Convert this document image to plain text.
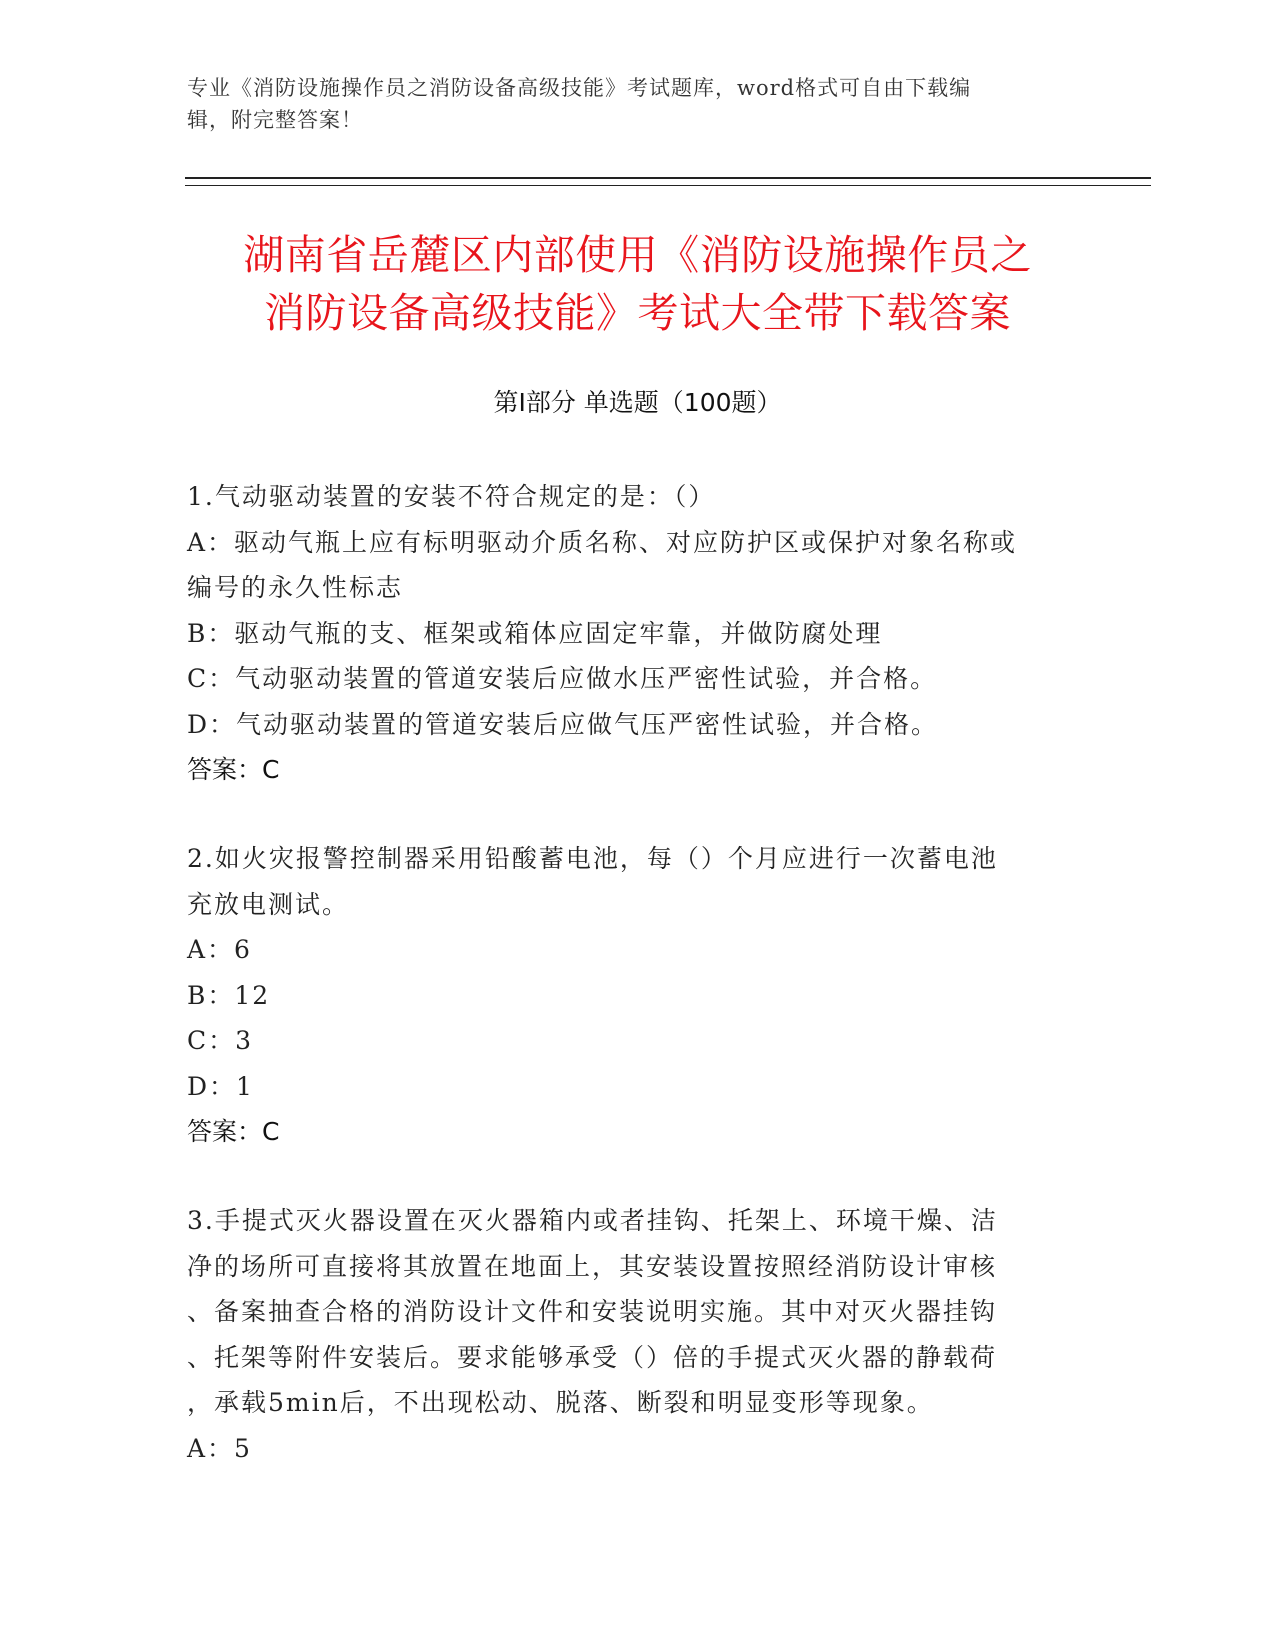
专业《消防设施操作员之消防设备高级技能》考试题库，word格式可自由下载编
辑，附完整答案！
湖南省岳麓区内部使用《消防设施操作员之
消防设备高级技能》考试大全带下载答案
第Ⅰ部分 单选题（100题）
1.气动驱动装置的安装不符合规定的是：（）
A：驱动气瓶上应有标明驱动介质名称、对应防护区或保护对象名称或
编号的永久性标志
B：驱动气瓶的支、框架或箱体应固定牢靠，并做防腐处理
C：气动驱动装置的管道安装后应做水压严密性试验，并合格。
D：气动驱动装置的管道安装后应做气压严密性试验，并合格。
答案：C
2.如火灾报警控制器采用铅酸蓄电池，每（）个月应进行一次蓄电池
充放电测试。
A：6
B：12
C：3
D：1
答案：C
3.手提式灭火器设置在灭火器箱内或者挂钩、托架上、环境干燥、洁
净的场所可直接将其放置在地面上，其安装设置按照经消防设计审核
、备案抽查合格的消防设计文件和安装说明实施。其中对灭火器挂钩
、托架等附件安装后。要求能够承受（）倍的手提式灭火器的静载荷
，承载5min后，不出现松动、脱落、断裂和明显变形等现象。
A：5
